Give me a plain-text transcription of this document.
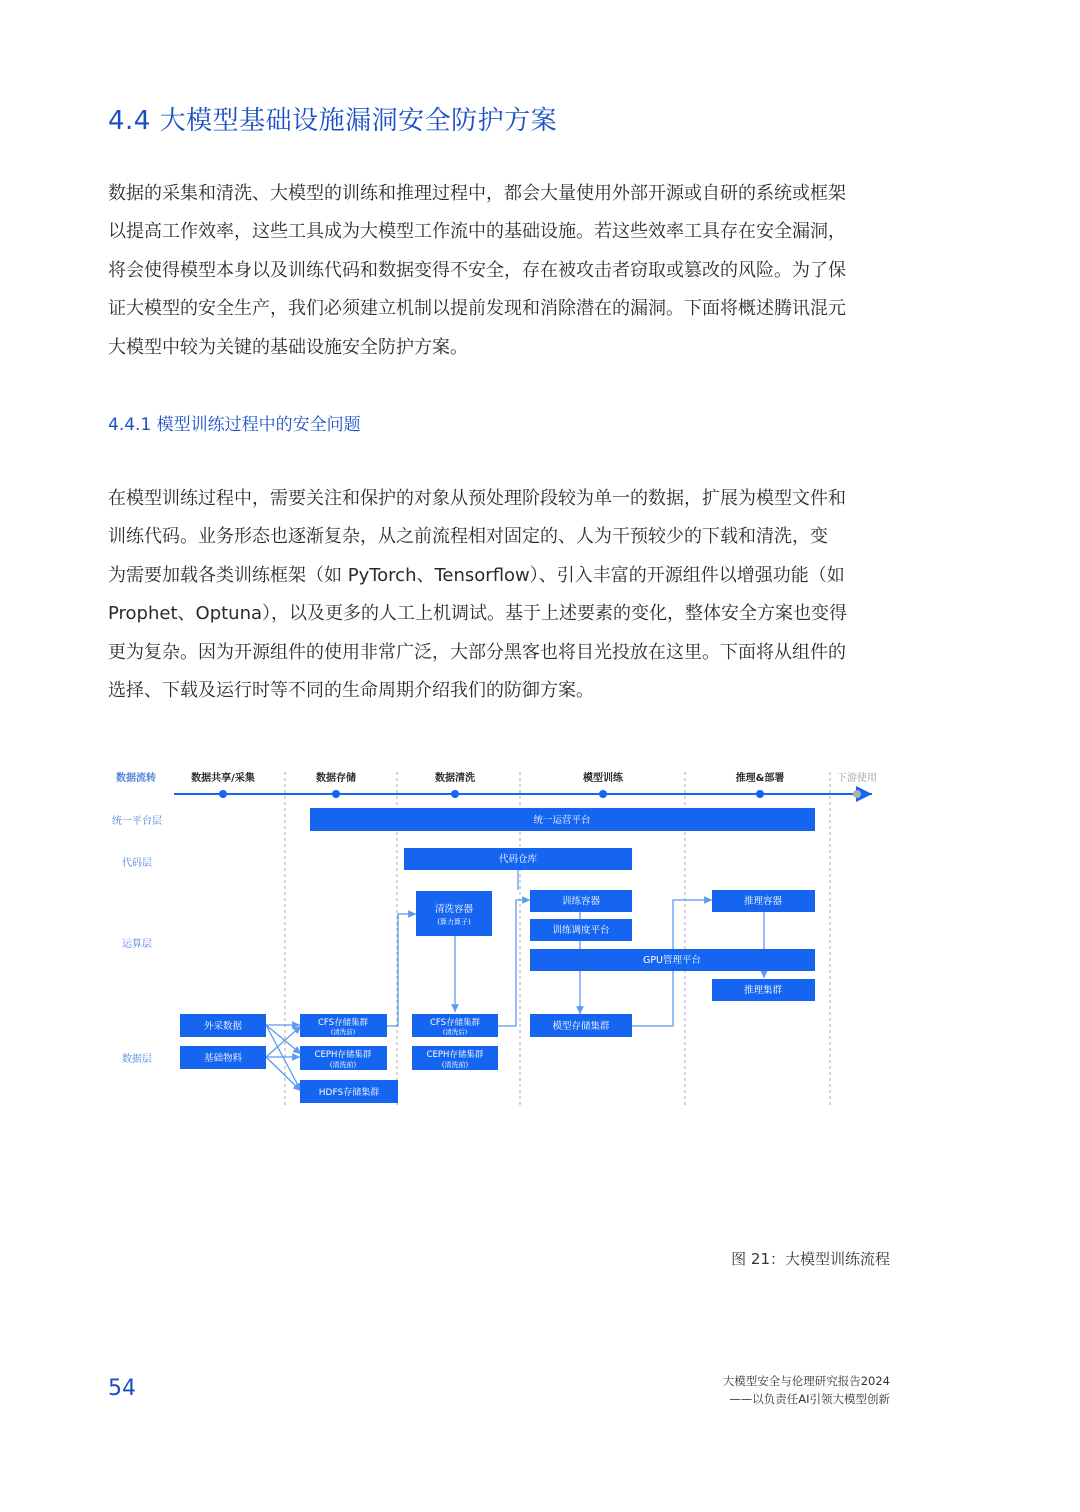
4.4 大模型基础设施漏洞安全防护方案

数据的采集和清洗、大模型的训练和推理过程中，都会大量使用外部开源或自研的系统或框架
以提高工作效率，这些工具成为大模型工作流中的基础设施。若这些效率工具存在安全漏洞，
将会使得模型本身以及训练代码和数据变得不安全，存在被攻击者窃取或篡改的风险。为了保
证大模型的安全生产，我们必须建立机制以提前发现和消除潜在的漏洞。下面将概述腾讯混元
大模型中较为关键的基础设施安全防护方案。

4.4.1 模型训练过程中的安全问题

在模型训练过程中，需要关注和保护的对象从预处理阶段较为单一的数据，扩展为模型文件和
训练代码。业务形态也逐渐复杂，从之前流程相对固定的、人为干预较少的下载和清洗，变
为需要加载各类训练框架（如 PyTorch、Tensorflow）、引入丰富的开源组件以增强功能（如
Prophet、Optuna），以及更多的人工上机调试。基于上述要素的变化，整体安全方案也变得
更为复杂。因为开源组件的使用非常广泛，大部分黑客也将目光投放在这里。下面将从组件的
选择、下载及运行时等不同的生命周期介绍我们的防御方案。

数据流转	数据共享/采集	数据存储	数据清洗	模型训练	推理&部署	下游使用
统一平台层
代码层
运算层
数据层
统一运营平台
代码仓库
清洗容器
(算力算子)
训练容器
训练调度平台
GPU管理平台
推理容器
推理集群
外采数据
基础物料
CFS存储集群
(清洗前)
CEPH存储集群
(清洗前)
HDFS存储集群
CFS存储集群
(清洗后)
CEPH存储集群
(清洗前)
模型存储集群
图 21：大模型训练流程
54	大模型安全与伦理研究报告2024
——以负责任AI引领大模型创新
